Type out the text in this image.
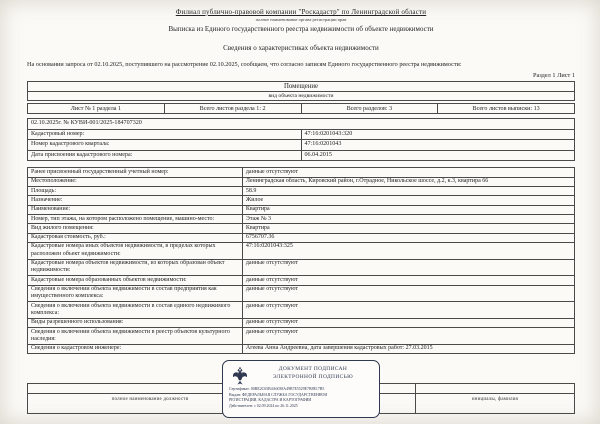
Филиал публично-правовой компании "Роскадастр" по Ленинградской области
полное наименование органа регистрации прав
Выписка из Единого государственного реестра недвижимости об объекте недвижимости
Сведения о характеристиках объекта недвижимости
На основании запроса от 02.10.2025, поступившего на рассмотрение 02.10.2025, сообщаем, что согласно записям Единого государственного реестра недвижимости:
Раздел 1 Лист 1
Помещение
вид объекта недвижимости
Лист № 1 раздела 1	Всего листов раздела 1: 2	Всего разделов: 3	Всего листов выписки: 13
02.10.2025г. № КУВИ-001/2025-184707320	
Кадастровый номер:	47:16:0201043:320
Номер кадастрового квартала:	47:16:0201043
Дата присвоения кадастрового номера:	06.04.2015
Ранее присвоенный государственный учетный номер:	данные отсутствуют
Местоположение:	Ленинградская область, Кировский район, г.Отрадное, Никольское шоссе, д.2, к.3, квартира 66
Площадь:	58.9
Назначение:	Жилое
Наименование:	Квартира
Номер, тип этажа, на котором расположено помещение, машино-место:	Этаж № 3
Вид жилого помещения:	Квартира
Кадастровая стоимость, руб.:	6756707.36
Кадастровые номера иных объектов недвижимости, в пределах которых расположен объект недвижимости:	47:16:0201043:325
Кадастровые номера объектов недвижимости, из которых образован объект недвижимости:	данные отсутствуют
Кадастровые номера образованных объектов недвижимости:	данные отсутствуют
Сведения о включении объекта недвижимости в состав предприятия как имущественного комплекса:	данные отсутствуют
Сведения о включении объекта недвижимости в состав единого недвижимого комплекса:	данные отсутствуют
Виды разрешенного использования:	данные отсутствуют
Сведения о включении объекта недвижимости в реестр объектов культурного наследия:	данные отсутствуют
Сведения о кадастровом инженере:	Агеева Анна Андреевна, дата завершения кадастровых работ: 27.03.2015

полное наименование должности		инициалы, фамилия
ДОКУМЕНТ ПОДПИСАН
ЭЛЕКТРОННОЙ ПОДПИСЬЮ
Сертификат: 00BE2C65B4A6038A49B7E5529E7B8E17B5
Выдан: ФЕДЕРАЛЬНАЯ СЛУЖБА ГОСУДАРСТВЕННОЙ
РЕГИСТРАЦИИ, КАДАСТРА И КАРТОГРАФИИ
Действителен: с 02.09.2024 по 26.11.2025
